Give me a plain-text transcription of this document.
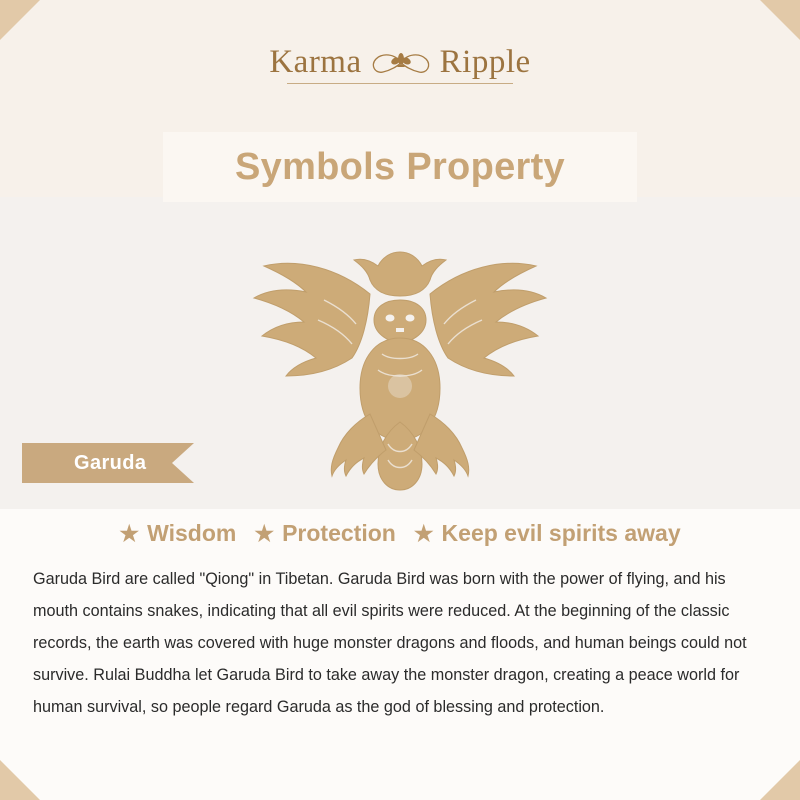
Karma Ripple
Symbols Property
Garuda
★ Wisdom ★ Protection ★ Keep evil spirits away
Garuda Bird are called "Qiong" in Tibetan. Garuda Bird was born with the power of flying, and his mouth contains snakes, indicating that all evil spirits were reduced. At the beginning of the classic records, the earth was covered with huge monster dragons and floods, and human beings could not survive. Rulai Buddha let Garuda Bird to take away the monster dragon, creating a peace world for human survival, so people regard Garuda as the god of blessing and protection.
